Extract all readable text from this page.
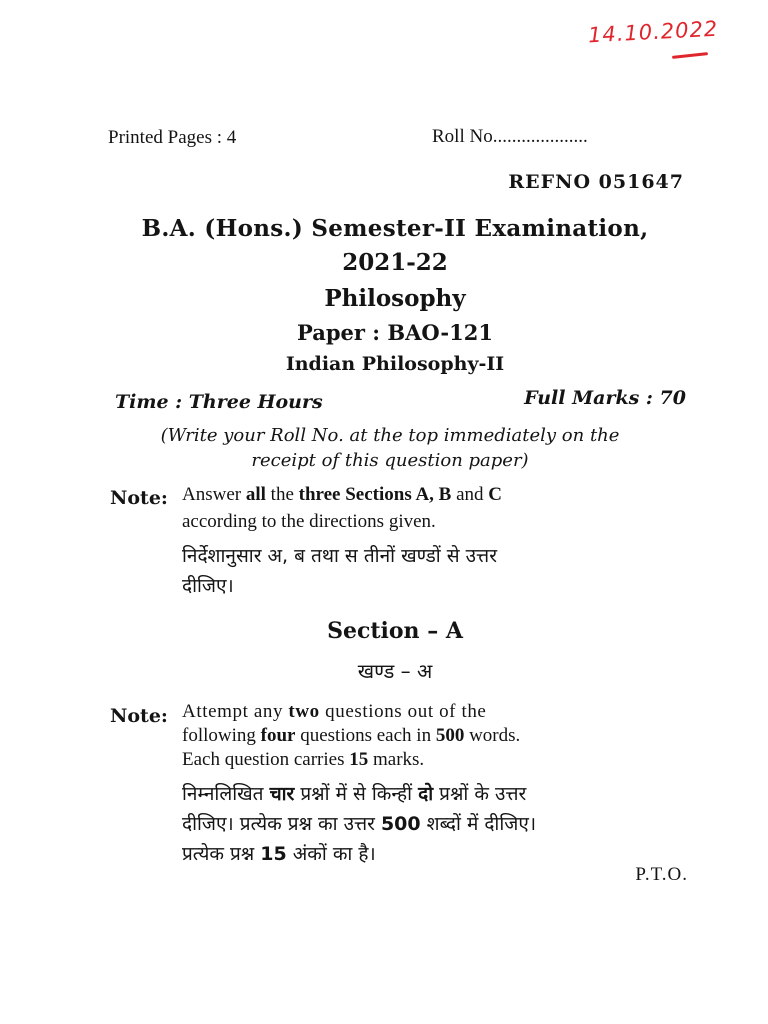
14.10.2022
Printed Pages : 4	Roll No....................
REFNO 051647
B.A. (Hons.) Semester-II Examination,
2021-22
Philosophy
Paper : BAO-121
Indian Philosophy-II
Time : Three Hours	Full Marks : 70
(Write your Roll No. at the top immediately on the
receipt of this question paper)
Note: Answer all the three Sections A, B and C
according to the directions given.
निर्देशानुसार अ, ब तथा स तीनों खण्डों से उत्तर
दीजिए।
Section – A
खण्ड – अ
Note: Attempt any two questions out of the
following four questions each in 500 words.
Each question carries 15 marks.
निम्नलिखित चार प्रश्नों में से किन्हीं दो प्रश्नों के उत्तर
दीजिए। प्रत्येक प्रश्न का उत्तर 500 शब्दों में दीजिए।
प्रत्येक प्रश्न 15 अंकों का है।
P.T.O.
